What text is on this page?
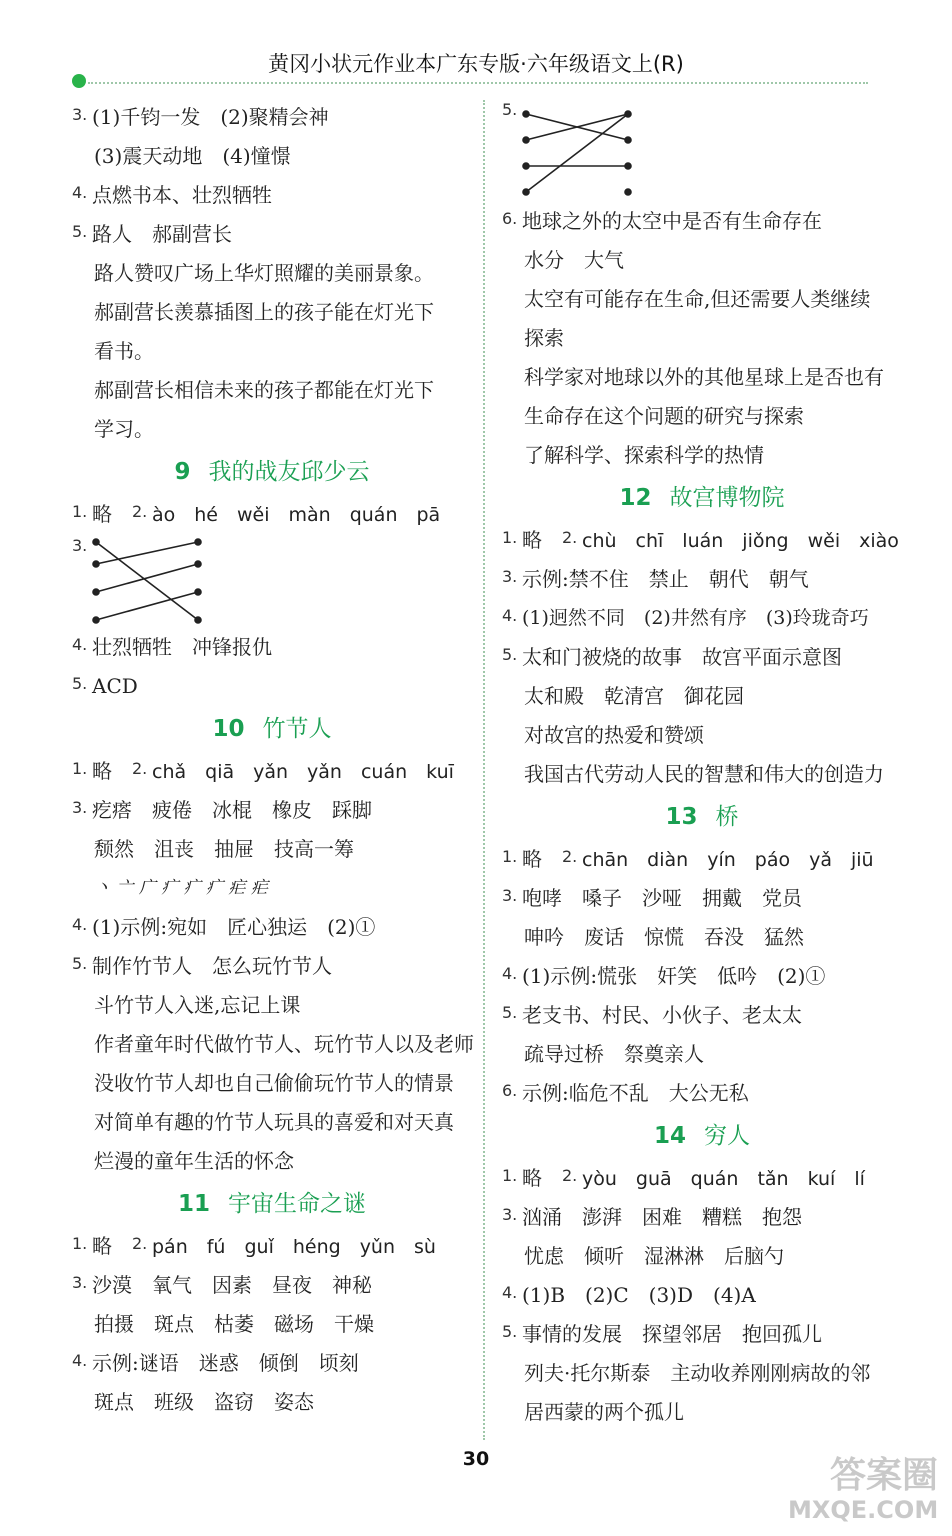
黄冈小状元作业本广东专版·六年级语文上(R)
3. (1)千钧一发　(2)聚精会神
(3)震天动地　(4)憧憬
4. 点燃书本、壮烈牺牲
5. 路人　郝副营长
路人赞叹广场上华灯照耀的美丽景象。
郝副营长羡慕插图上的孩子能在灯光下
看书。
郝副营长相信未来的孩子都能在灯光下
学习。
9 我的战友邱少云
1. 略　 2. ào　hé　wěi　màn　quán　pā
3.
4. 壮烈牺牲　冲锋报仇
5. ACD
10 竹节人
1. 略　 2. chǎ　qiā　yǎn　yǎn　cuán　kuī
3. 疙瘩　疲倦　冰棍　橡皮　踩脚
颓然　沮丧　抽屉　技高一筹
丶 亠 广 疒 疒 疒 疟 疟
4. (1)示例:宛如　匠心独运　(2)①
5. 制作竹节人　怎么玩竹节人
斗竹节人入迷,忘记上课
作者童年时代做竹节人、玩竹节人以及老师
没收竹节人却也自己偷偷玩竹节人的情景
对简单有趣的竹节人玩具的喜爱和对天真
烂漫的童年生活的怀念
11 宇宙生命之谜
1. 略　 2. pán　fú　guǐ　héng　yǔn　sù
3. 沙漠　氧气　因素　昼夜　神秘
拍摄　斑点　枯萎　磁场　干燥
4. 示例:谜语　迷惑　倾倒　顷刻
斑点　班级　盗窃　姿态
5.
6. 地球之外的太空中是否有生命存在
水分　大气
太空有可能存在生命,但还需要人类继续
探索
科学家对地球以外的其他星球上是否也有
生命存在这个问题的研究与探索
了解科学、探索科学的热情
12 故宫博物院
1. 略　 2. chù　chī　luán　jiǒng　wěi　xiào
3. 示例:禁不住　禁止　朝代　朝气
4. (1)迥然不同　(2)井然有序　(3)玲珑奇巧
5. 太和门被烧的故事　故宫平面示意图
太和殿　乾清宫　御花园
对故宫的热爱和赞颂
我国古代劳动人民的智慧和伟大的创造力
13 桥
1. 略　 2. chān　diàn　yín　páo　yǎ　jiū
3. 咆哮　嗓子　沙哑　拥戴　党员
呻吟　废话　惊慌　吞没　猛然
4. (1)示例:慌张　奸笑　低吟　(2)①
5. 老支书、村民、小伙子、老太太
疏导过桥　祭奠亲人
6. 示例:临危不乱　大公无私
14 穷人
1. 略　 2. yòu　guā　quán　tǎn　kuí　lí
3. 汹涌　澎湃　困难　糟糕　抱怨
忧虑　倾听　湿淋淋　后脑勺
4. (1)B　(2)C　(3)D　(4)A
5. 事情的发展　探望邻居　抱回孤儿
列夫·托尔斯泰　主动收养刚刚病故的邻
居西蒙的两个孤儿
30	答案圈
MXQE.COM
